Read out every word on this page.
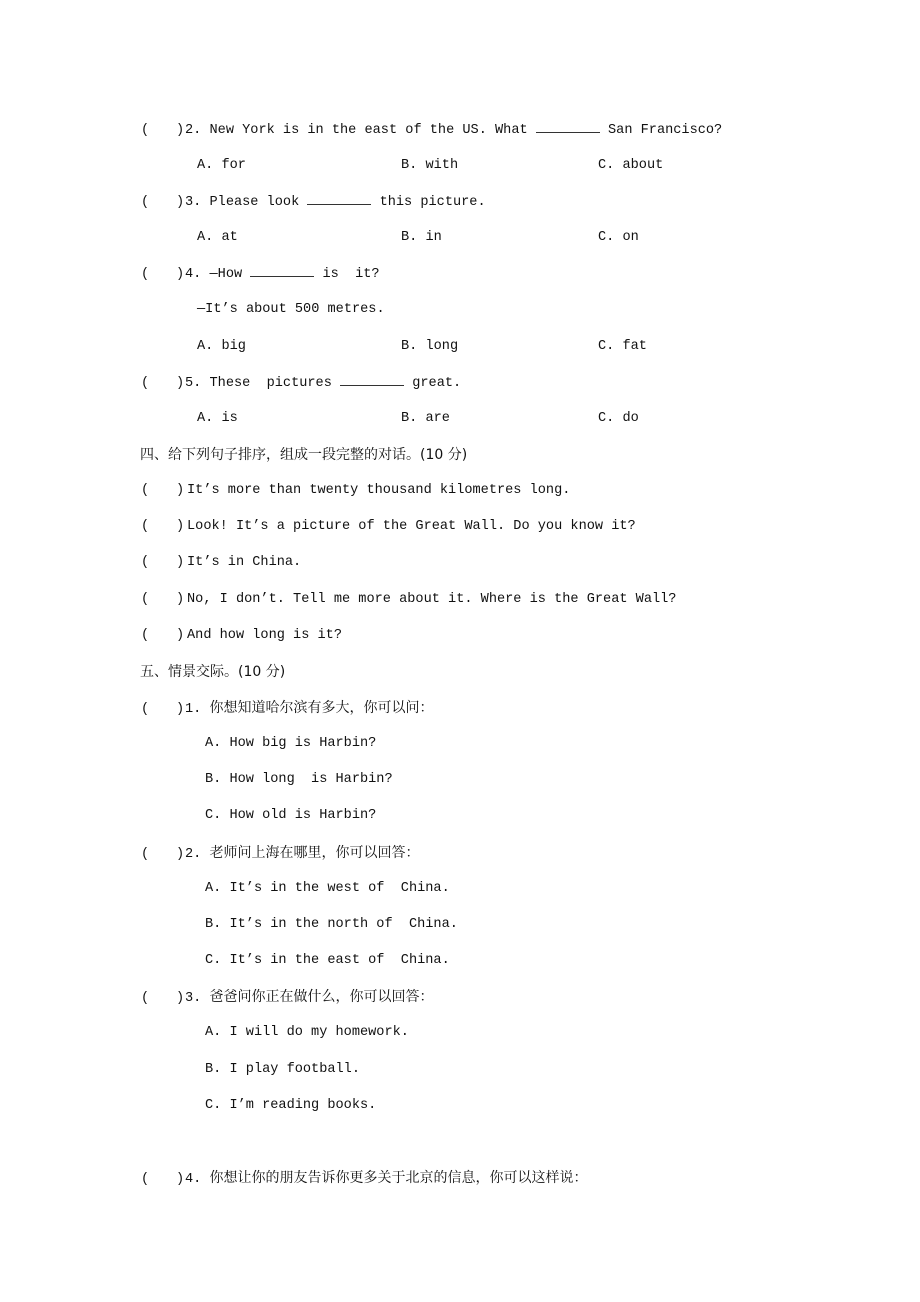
( ) 2. New York is in the east of the US. What	San Francisco?
A. for	B. with	C. about
( ) 3. Please look	this picture.
A. at	B. in	C. on
( ) 4. —How	is  it?
—It’s about 500 metres.
A. big	B. long	C. fat
( ) 5. These  pictures	great.
A. is	B. are	C. do
四、给下列句子排序，组成一段完整的对话。(10 分)
( ) It’s more than twenty thousand kilometres long.
( ) Look! It’s a picture of the Great Wall. Do you know it?
( ) It’s in China.
( ) No, I don’t. Tell me more about it. Where is the Great Wall?
( ) And how long is it?
五、情景交际。(10 分)
( ) 1. 你想知道哈尔滨有多大，你可以问：
A. How big is Harbin?
B. How long  is Harbin?
C. How old is Harbin?
( ) 2. 老师问上海在哪里，你可以回答：
A. It’s in the west of  China.
B. It’s in the north of  China.
C. It’s in the east of  China.
( ) 3. 爸爸问你正在做什么，你可以回答：
A. I will do my homework.
B. I play football.
C. I’m reading books.
( ) 4. 你想让你的朋友告诉你更多关于北京的信息，你可以这样说：
